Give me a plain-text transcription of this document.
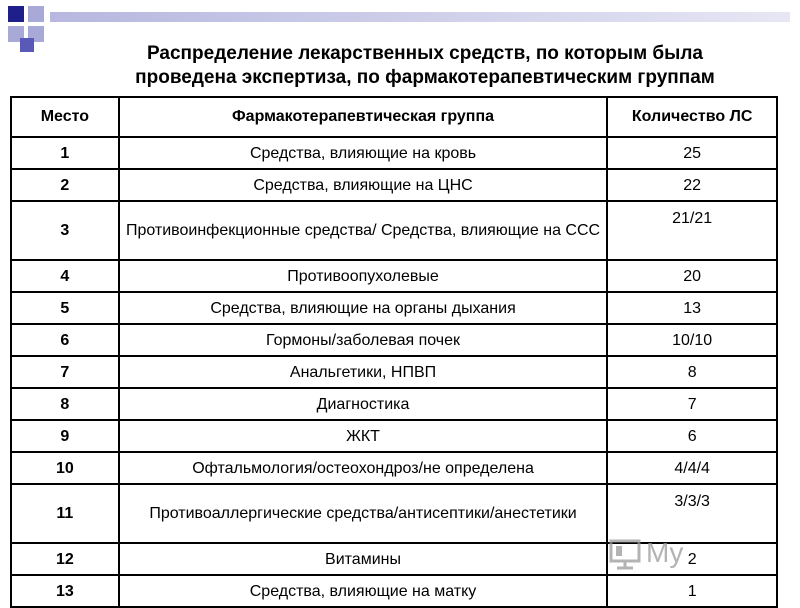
Распределение лекарственных средств, по которым была
проведена экспертиза, по фармакотерапевтическим группам
Место	Фармакотерапевтическая группа	Количество ЛС
1	Средства, влияющие на кровь	25
2	Средства, влияющие на ЦНС	22
3	Противоинфекционные средства/ Средства, влияющие на ССС	21/21
4	Противоопухолевые	20
5	Средства, влияющие на органы дыхания	13
6	Гормоны/заболевая почек	10/10
7	Анальгетики, НПВП	8
8	Диагностика	7
9	ЖКТ	6
10	Офтальмология/остеохондроз/не определена	4/4/4
11	Противоаллергические средства/антисептики/анестетики	3/3/3
12	Витамины	2
13	Средства, влияющие на матку	1
My
